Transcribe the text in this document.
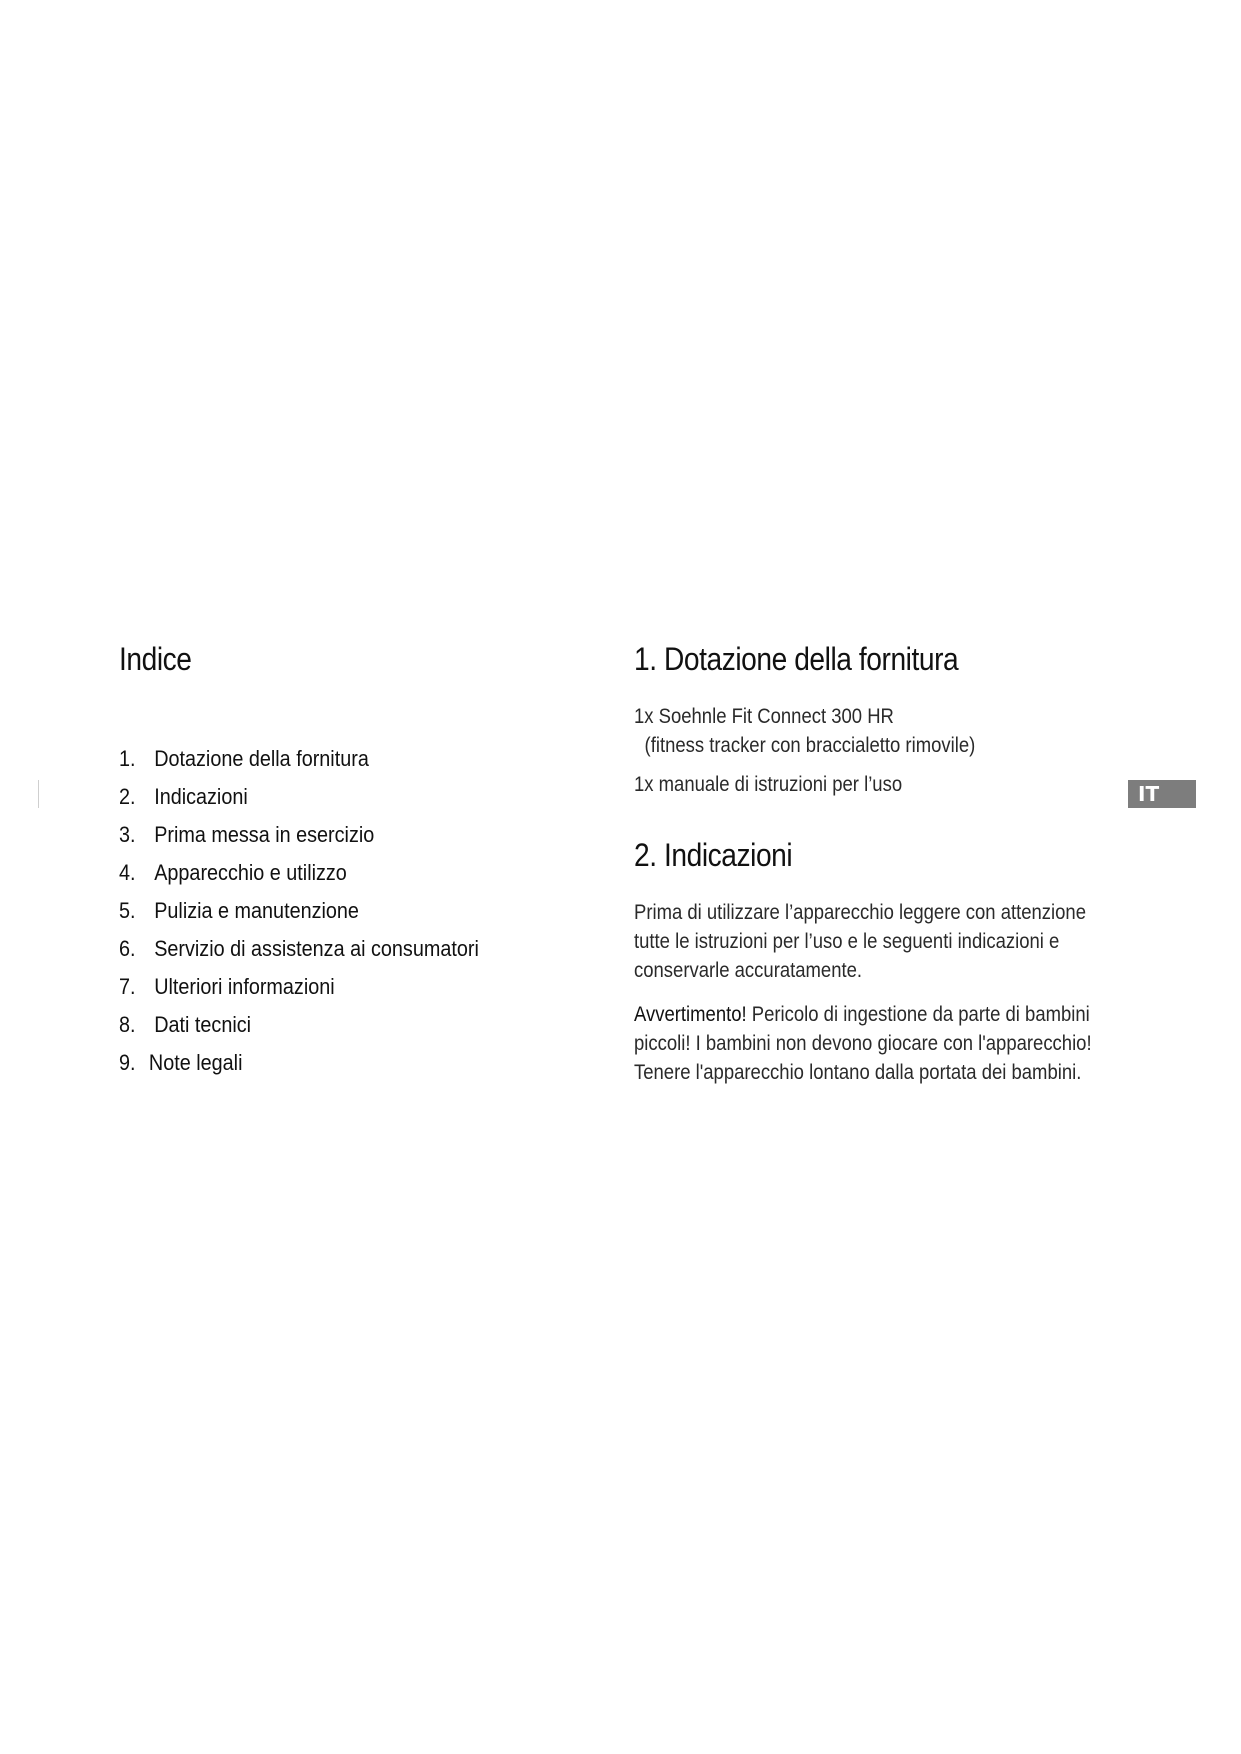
Indice
1. Dotazione della fornitura
2. Indicazioni
3. Prima messa in esercizio
4. Apparecchio e utilizzo
5. Pulizia e manutenzione
6. Servizio di assistenza ai consumatori
7. Ulteriori informazioni
8. Dati tecnici
9. Note legali
1. Dotazione della fornitura
1x Soehnle Fit Connect 300 HR
(fitness tracker con braccialetto rimovile)
1x manuale di istruzioni per l’uso
2. Indicazioni
Prima di utilizzare l’apparecchio leggere con attenzione
tutte le istruzioni per l’uso e le seguenti indicazioni e
conservarle accuratamente.
Avvertimento! Pericolo di ingestione da parte di bambini
piccoli! I bambini non devono giocare con l'apparecchio!
Tenere l'apparecchio lontano dalla portata dei bambini.
IT
